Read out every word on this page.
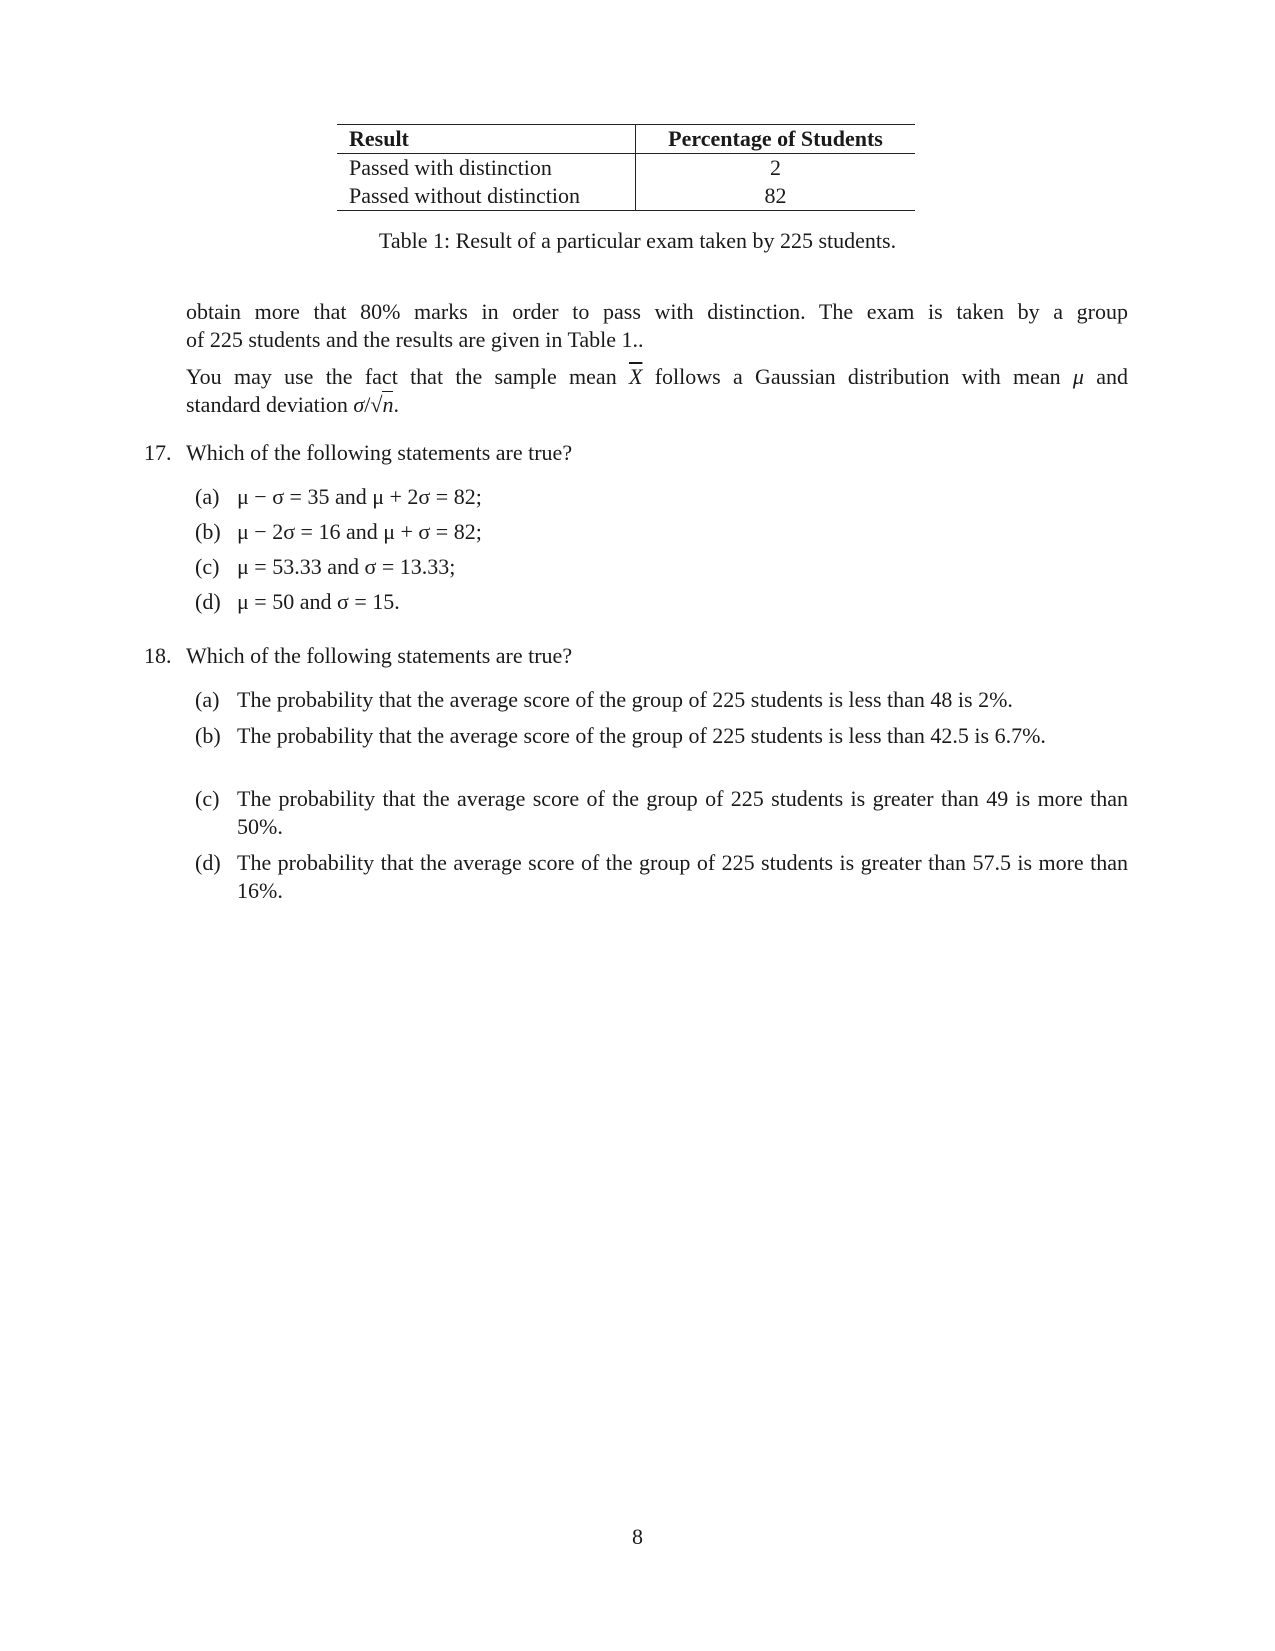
Result	Percentage of Students
Passed with distinction	2
Passed without distinction	82
Table 1: Result of a particular exam taken by 225 students.
obtain more that 80% marks in order to pass with distinction. The exam is taken by a group
of 225 students and the results are given in Table 1..
You may use the fact that the sample mean $\overline{X}$ follows a Gaussian distribution with mean μ and
standard deviation σ/√n.
17. Which of the following statements are true?
(a) μ − σ = 35 and μ + 2σ = 82;
(b) μ − 2σ = 16 and μ + σ = 82;
(c) μ = 53.33 and σ = 13.33;
(d) μ = 50 and σ = 15.
18. Which of the following statements are true?
(a) The probability that the average score of the group of 225 students is less than 48 is 2%.
(b) The probability that the average score of the group of 225 students is less than 42.5 is 6.7%.
(c) The probability that the average score of the group of 225 students is greater than 49 is more than 50%.
(d) The probability that the average score of the group of 225 students is greater than 57.5 is more than 16%.
8
